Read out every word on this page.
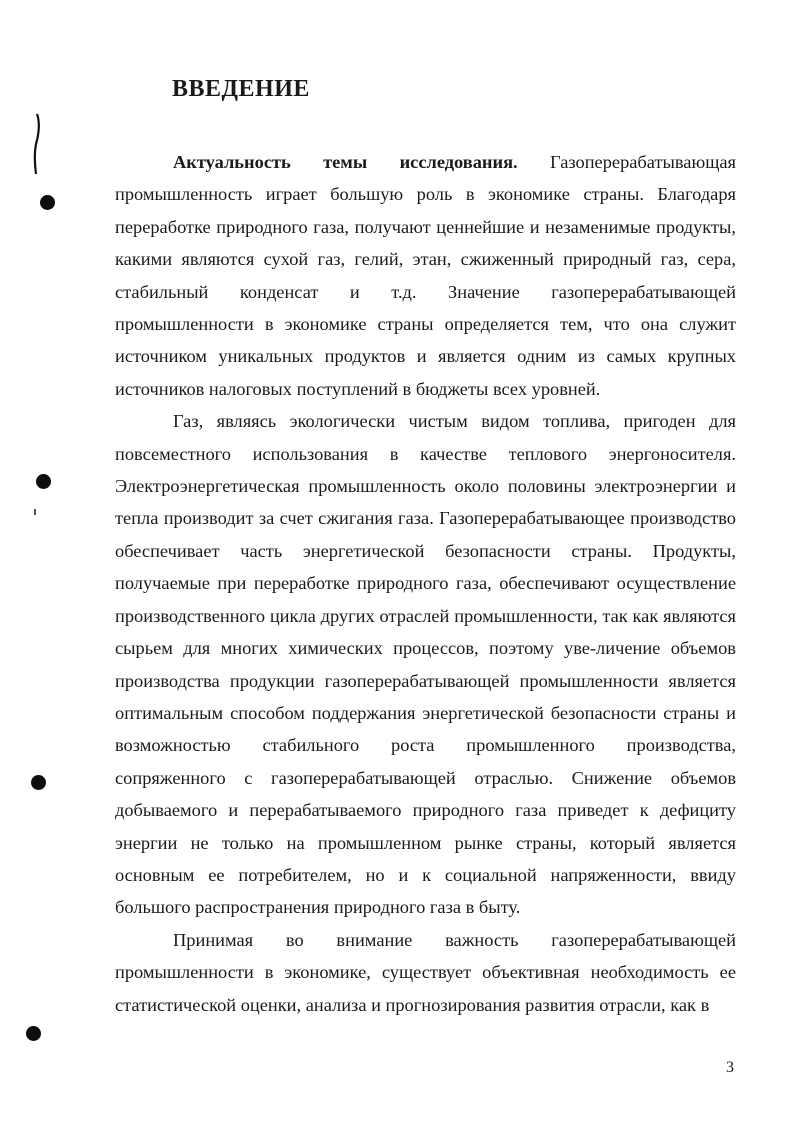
ВВЕДЕНИЕ

Актуальность темы исследования. Газоперерабатывающая промышленность играет большую роль в экономике страны. Благодаря переработке природного газа, получают ценнейшие и незаменимые продукты, какими являются сухой газ, гелий, этан, сжиженный природный газ, сера, стабильный конденсат и т.д. Значение газоперерабатывающей промышленности в экономике страны определяется тем, что она служит источником уникальных продуктов и является одним из самых крупных источников налоговых поступлений в бюджеты всех уровней.

Газ, являясь экологически чистым видом топлива, пригоден для повсеместного использования в качестве теплового энергоносителя. Электроэнергетическая промышленность около половины электроэнергии и тепла производит за счет сжигания газа. Газоперерабатывающее производство обеспечивает часть энергетической безопасности страны. Продукты, получаемые при переработке природного газа, обеспечивают осуществление производственного цикла других отраслей промышленности, так как являются сырьем для многих химических процессов, поэтому уве-личение объемов производства продукции газоперерабатывающей промышленности является оптимальным способом поддержания энергетической безопасности страны и возможностью стабильного роста промышленного производства, сопряженного с газоперерабатывающей отраслью. Снижение объемов добываемого и перерабатываемого природного газа приведет к дефициту энергии не только на промышленном рынке страны, который является основным ее потребителем, но и к социальной напряженности, ввиду большого распространения природного газа в быту.

Принимая во внимание важность газоперерабатывающей промышленности в экономике, существует объективная необходимость ее статистической оценки, анализа и прогнозирования развития отрасли, как в

3
